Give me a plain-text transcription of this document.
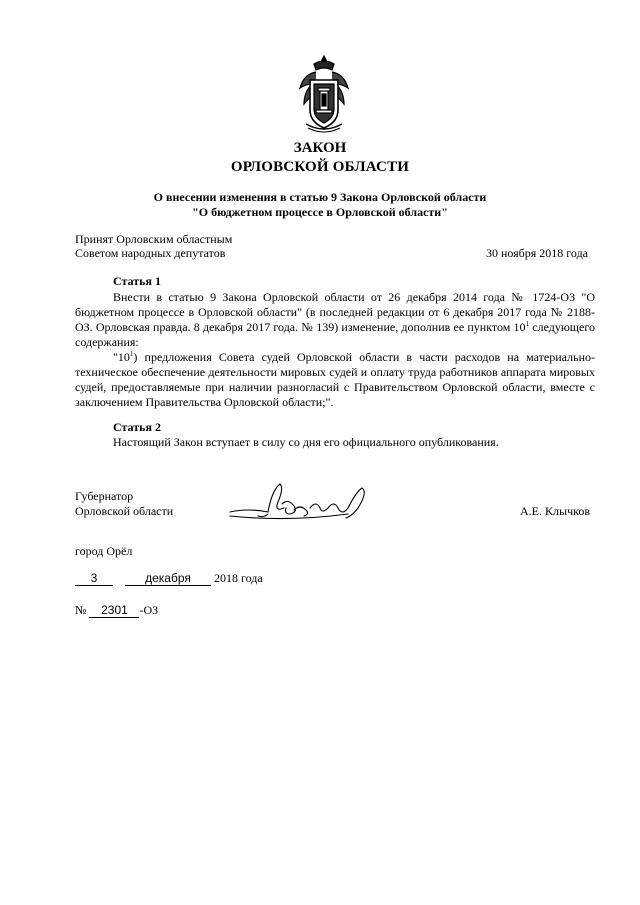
ЗАКОН
ОРЛОВСКОЙ ОБЛАСТИ
О внесении изменения в статью 9 Закона Орловской области
"О бюджетном процессе в Орловской области"
Принят Орловским областным
Советом народных депутатов	30 ноября 2018 года
Статья 1

Внести в статью 9 Закона Орловской области от 26 декабря 2014 года № 1724-ОЗ "О бюджетном процессе в Орловской области" (в последней редакции от 6 декабря 2017 года № 2188-ОЗ. Орловская правда. 8 декабря 2017 года. № 139) изменение, дополнив ее пунктом $10^1$ следующего содержания:

"$10^1$) предложения Совета судей Орловской области в части расходов на материально-техническое обеспечение деятельности мировых судей и оплату труда работников аппарата мировых судей, предоставляемые при наличии разногласий с Правительством Орловской области, вместе с заключением Правительства Орловской области;".

Статья 2
Настоящий Закон вступает в силу со дня его официального опубликования.
Губернатор
Орловской области	А.Е. Клычков
город Орёл
3	декабря 2018 года
№ 2301 -ОЗ
